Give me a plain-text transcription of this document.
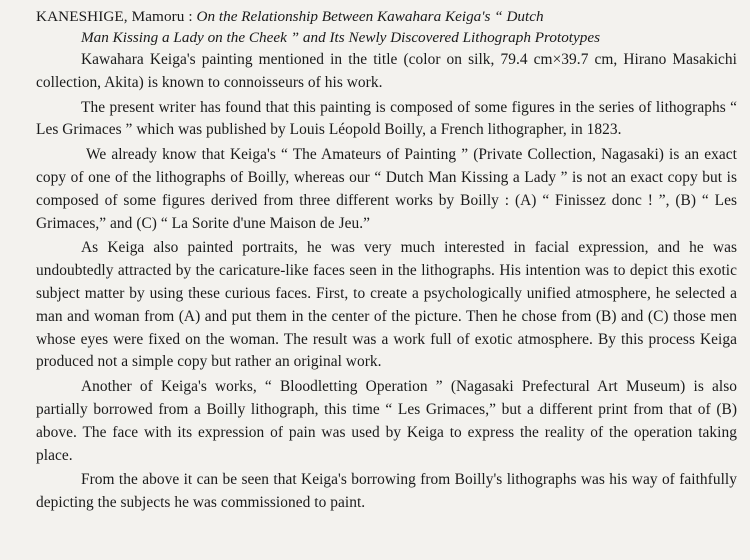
KANESHIGE, Mamoru : On the Relationship Between Kawahara Keiga's “ Dutch
Man Kissing a Lady on the Cheek ” and Its Newly Discovered Lithograph Prototypes

Kawahara Keiga's painting mentioned in the title (color on silk, 79.4 cm×39.7 cm, Hirano Masakichi collection, Akita) is known to connoisseurs of his work.

The present writer has found that this painting is composed of some figures in the series of lithographs “ Les Grimaces ” which was published by Louis Léopold Boilly, a French lithographer, in 1823.

We already know that Keiga's “ The Amateurs of Painting ” (Private Collection, Nagasaki) is an exact copy of one of the lithographs of Boilly, whereas our “ Dutch Man Kissing a Lady ” is not an exact copy but is composed of some figures derived from three different works by Boilly : (A) “ Finissez donc ! ”, (B) “ Les Grimaces,” and (C) “ La Sorite d'une Maison de Jeu.”

As Keiga also painted portraits, he was very much interested in facial expression, and he was undoubtedly attracted by the caricature-like faces seen in the lithographs. His intention was to depict this exotic subject matter by using these curious faces. First, to create a psychologically unified atmosphere, he selected a man and woman from (A) and put them in the center of the picture. Then he chose from (B) and (C) those men whose eyes were fixed on the woman. The result was a work full of exotic atmosphere. By this process Keiga produced not a simple copy but rather an original work.

Another of Keiga's works, “ Bloodletting Operation ” (Nagasaki Prefectural Art Museum) is also partially borrowed from a Boilly lithograph, this time “ Les Grimaces,” but a different print from that of (B) above. The face with its expression of pain was used by Keiga to express the reality of the operation taking place.

From the above it can be seen that Keiga's borrowing from Boilly's lithographs was his way of faithfully depicting the subjects he was commissioned to paint.
